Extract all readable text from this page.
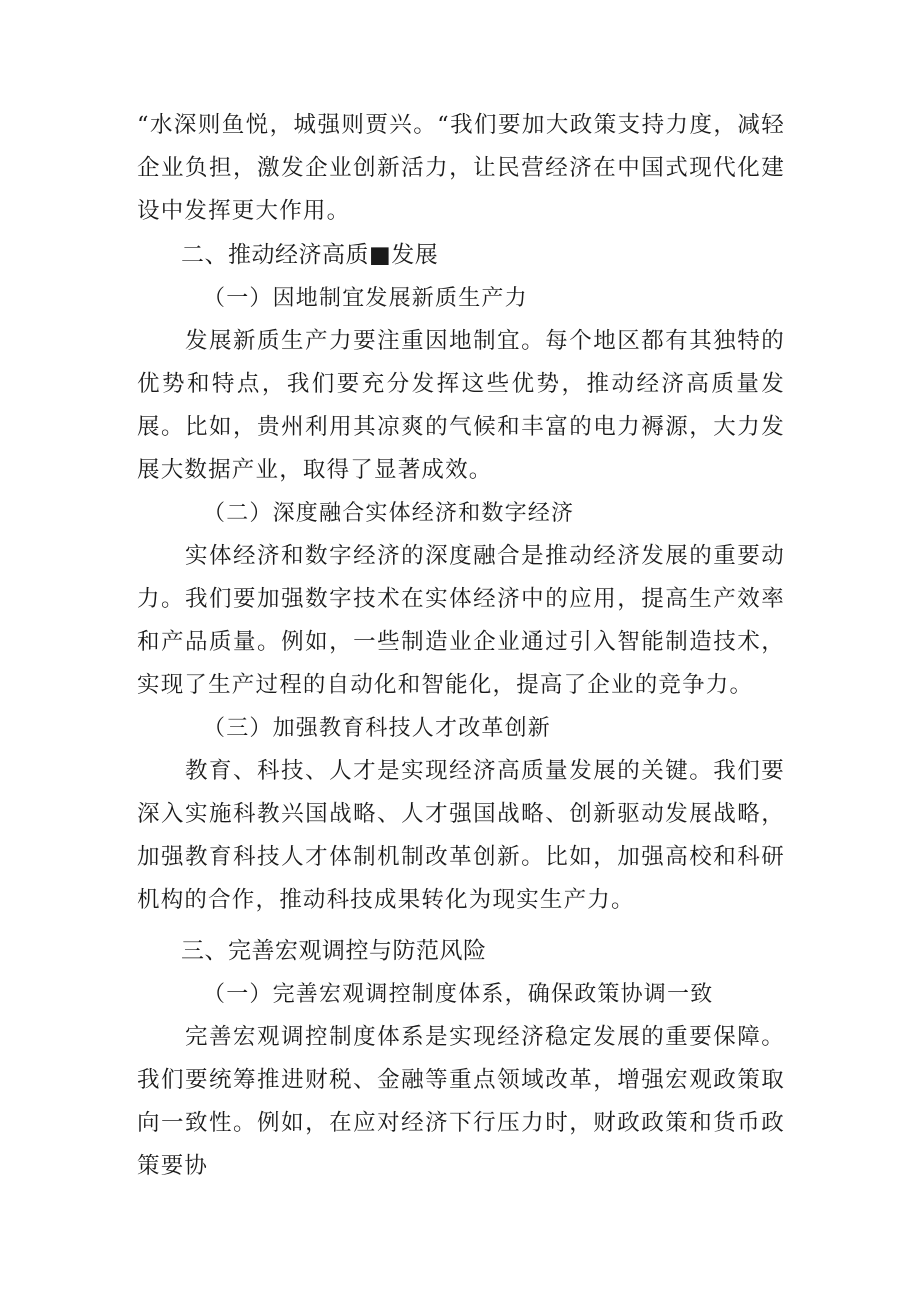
“水深则鱼悦，城强则贾兴。“我们要加大政策支持力度，减轻企业负担，激发企业创新活力，让民营经济在中国式现代化建设中发挥更大作用。

二、推动经济高质■发展
（一）因地制宜发展新质生产力

发展新质生产力要注重因地制宜。每个地区都有其独特的优势和特点，我们要充分发挥这些优势，推动经济高质量发展。比如，贵州利用其凉爽的气候和丰富的电力褥源，大力发展大数据产业，取得了显著成效。

（二）深度融合实体经济和数字经济

实体经济和数字经济的深度融合是推动经济发展的重要动力。我们要加强数字技术在实体经济中的应用，提高生产效率和产品质量。例如，一些制造业企业通过引入智能制造技术，实现了生产过程的自动化和智能化，提高了企业的竞争力。

（三）加强教育科技人才改革创新

教育、科技、人才是实现经济高质量发展的关键。我们要深入实施科教兴国战略、人才强国战略、创新驱动发展战略，加强教育科技人才体制机制改革创新。比如，加强高校和科研机构的合作，推动科技成果转化为现实生产力。

三、完善宏观调控与防范风险
（一）完善宏观调控制度体系，确保政策协调一致

完善宏观调控制度体系是实现经济稳定发展的重要保障。我们要统筹推进财税、金融等重点领域改革，增强宏观政策取向一致性。例如，在应对经济下行压力时，财政政策和货币政策要协
